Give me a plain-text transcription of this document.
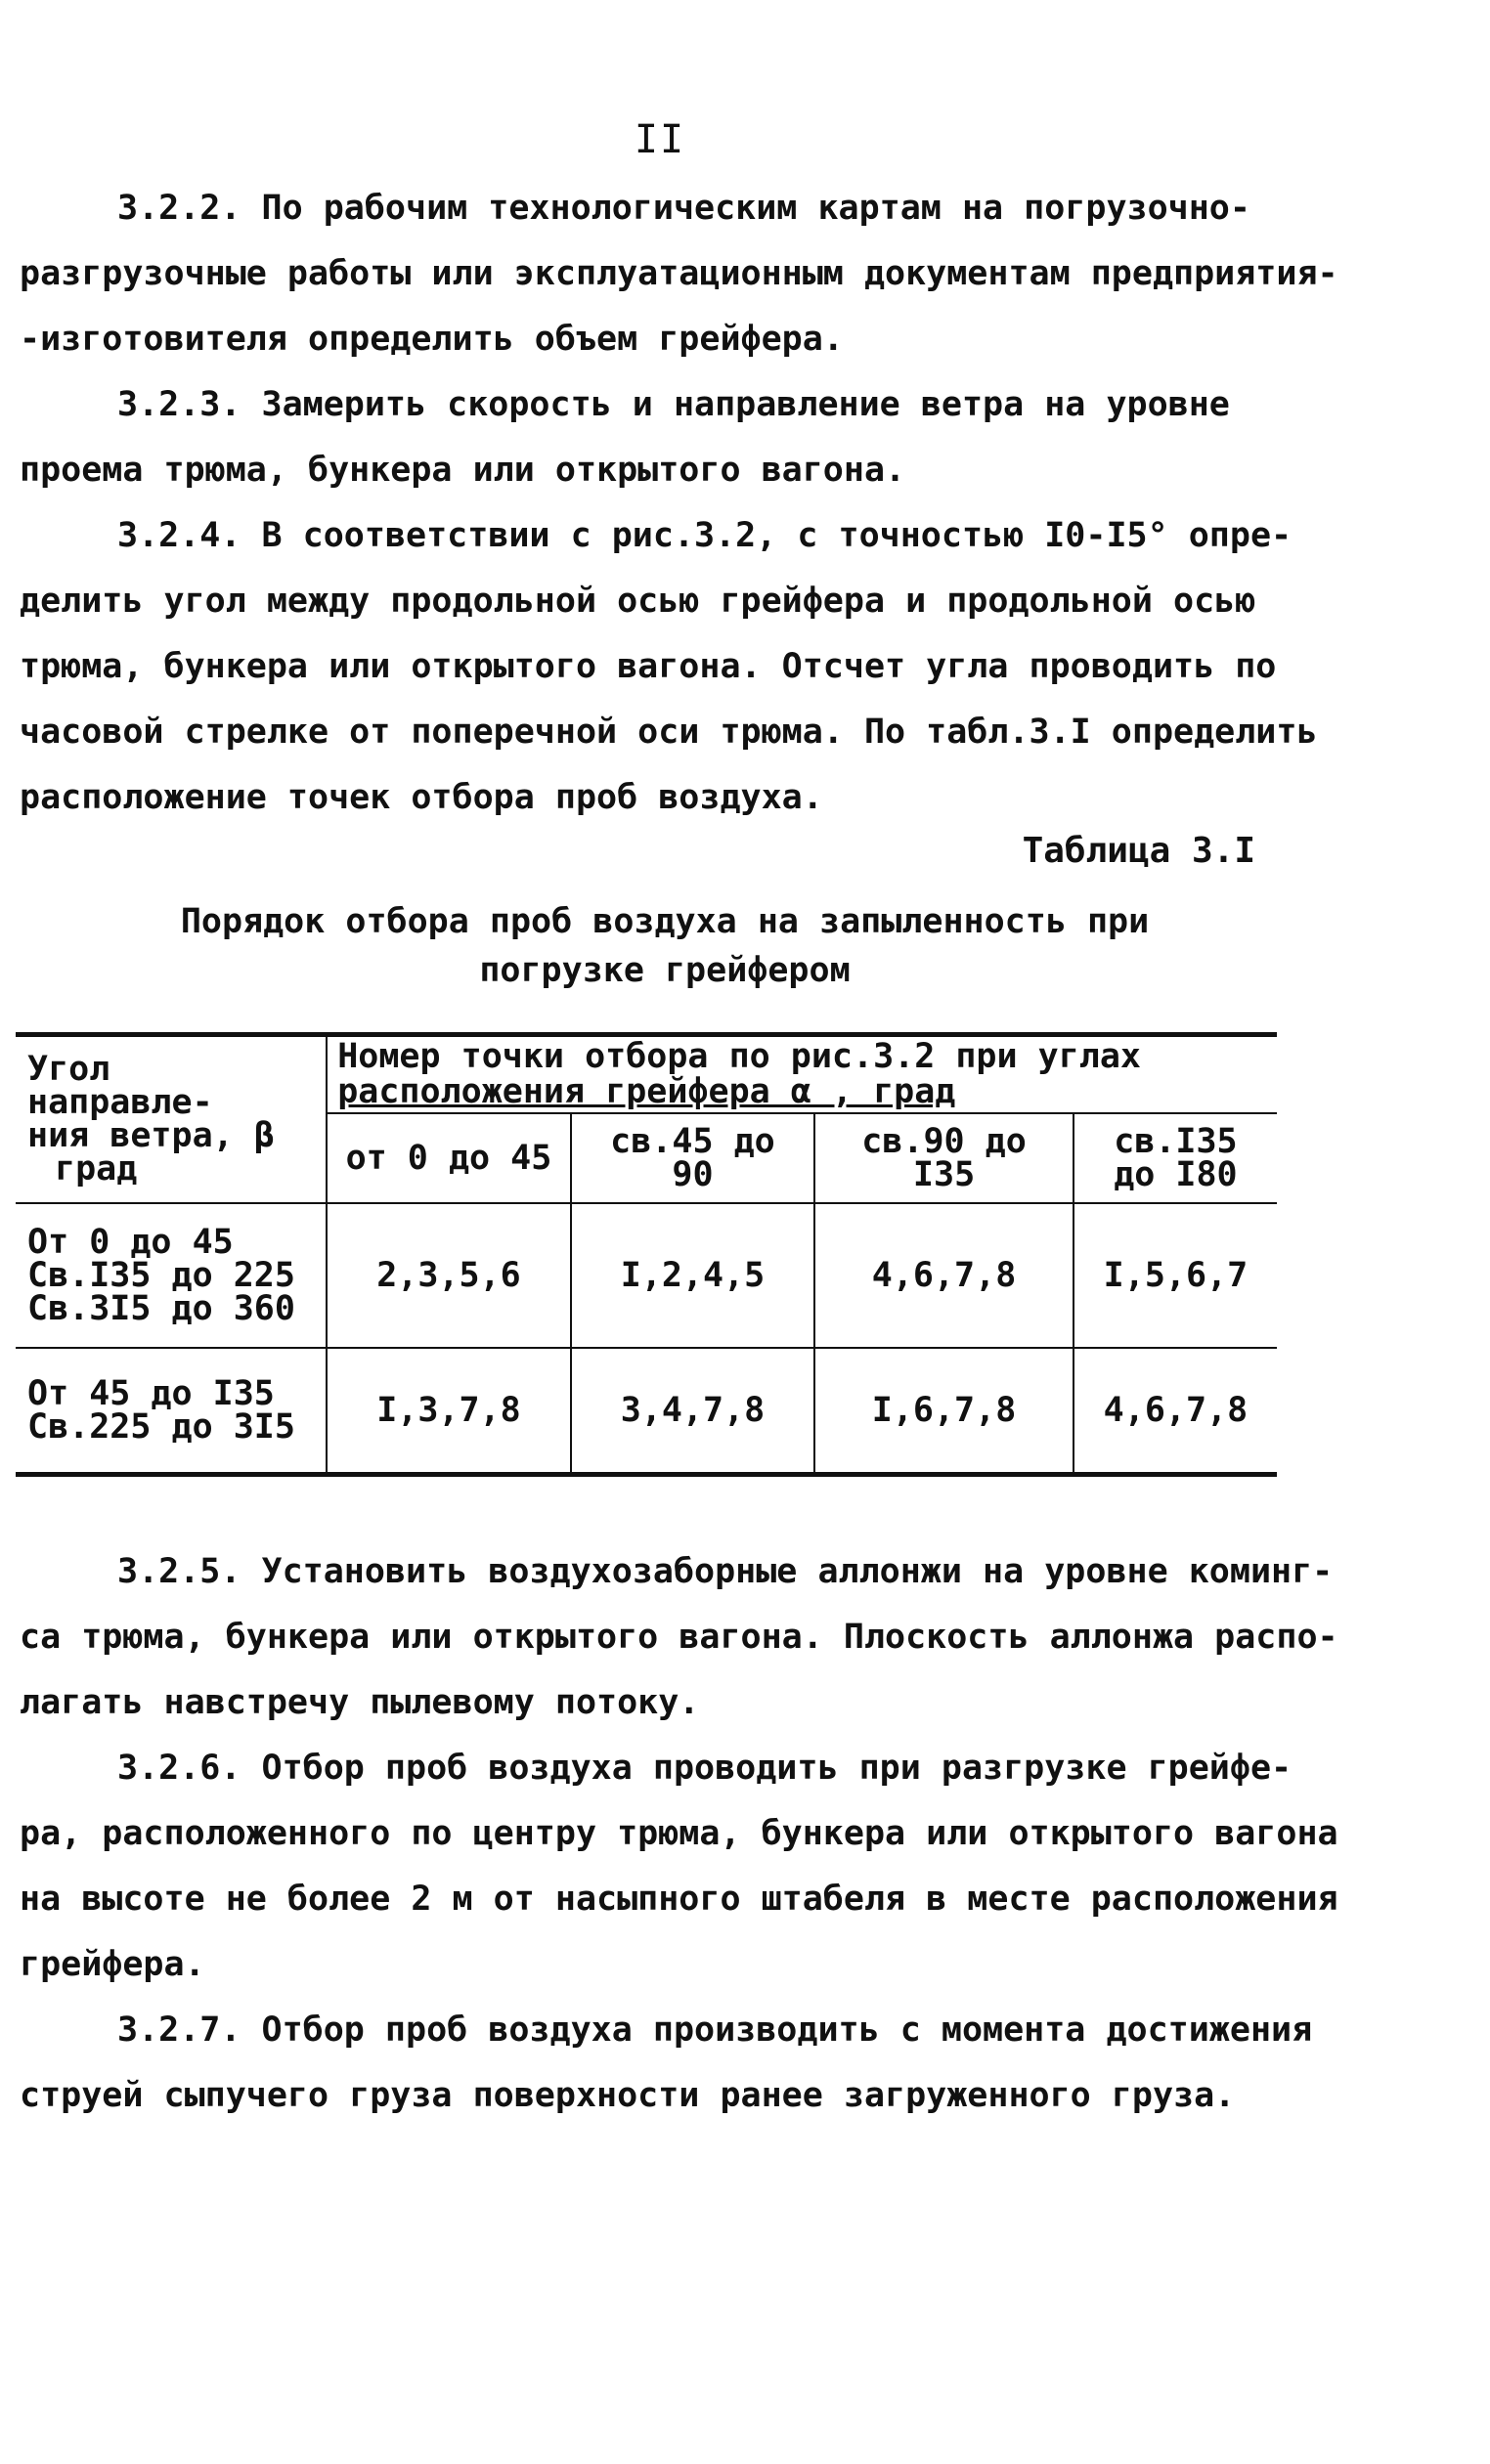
II
3.2.2. По рабочим технологическим картам на погрузочно-
разгрузочные работы или эксплуатационным документам предприятия-
-изготовителя определить объем грейфера.
3.2.3. Замерить скорость и направление ветра на уровне
проема трюма, бункера или открытого вагона.
3.2.4. В соответствии с рис.3.2, с точностью I0-I5° опре-
делить угол между продольной осью грейфера и продольной осью
трюма, бункера или открытого вагона. Отсчет угла проводить по
часовой стрелке от поперечной оси трюма. По табл.3.I определить
расположение точек отбора проб воздуха.
Таблица 3.I
Порядок отбора проб воздуха на запыленность при
погрузке грейфером
Угол направле-
ния ветра, β
град	Номер точки отбора по рис.3.2 при углах
расположения грейфера α , град			

	от 0 до 45	св.45 до 90	св.90 до I35	св.I35 до I80

От 0 до 45
Св.I35 до 225
Св.3I5 до 360	2,3,5,6	I,2,4,5	4,6,7,8	I,5,6,7

От 45 до I35
Св.225 до 3I5	I,3,7,8	3,4,7,8	I,6,7,8	4,6,7,8
3.2.5. Установить воздухозаборные аллонжи на уровне коминг-
са трюма, бункера или открытого вагона. Плоскость аллонжа распо-
лагать навстречу пылевому потоку.
3.2.6. Отбор проб воздуха проводить при разгрузке грейфе-
ра, расположенного по центру трюма, бункера или открытого вагона
на высоте не более 2 м от насыпного штабеля в месте расположения
грейфера.
3.2.7. Отбор проб воздуха производить с момента достижения
струей сыпучего груза поверхности ранее загруженного груза.
